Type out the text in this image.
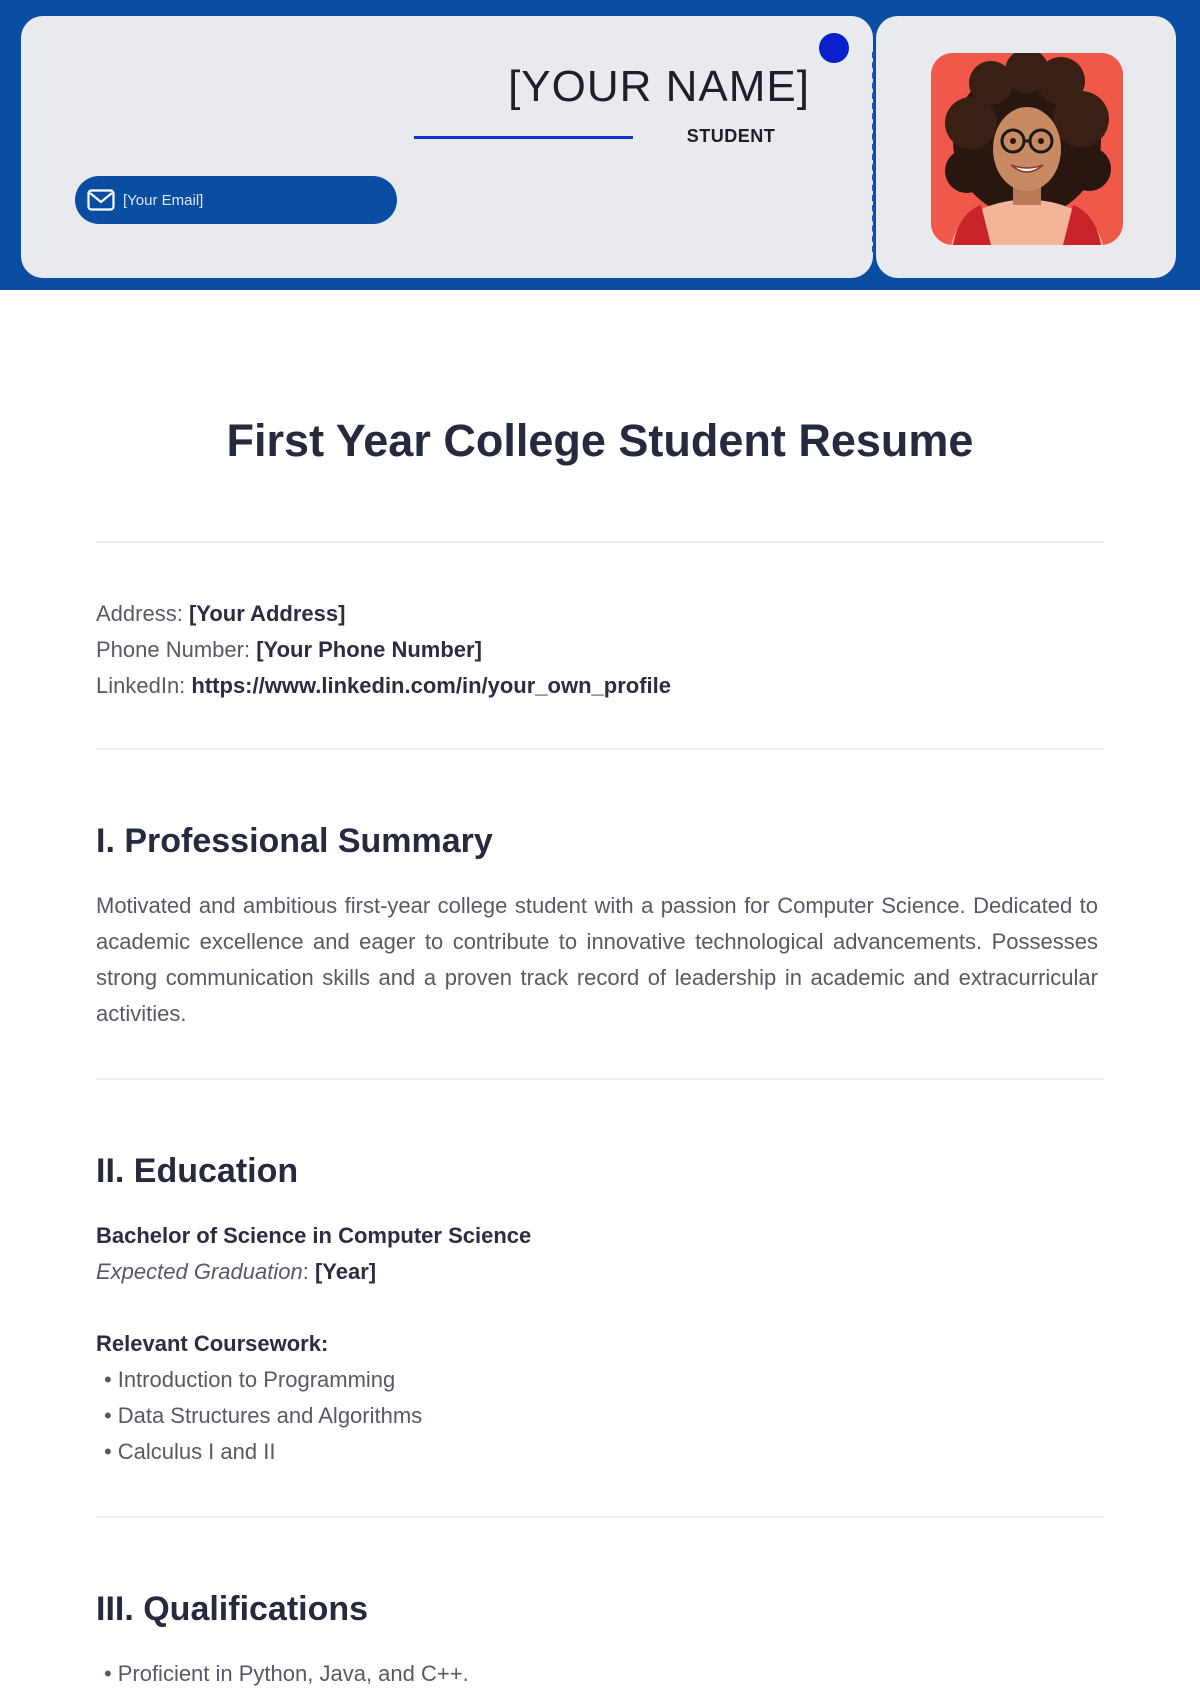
[YOUR NAME]
STUDENT
[Your Email]
First Year College Student Resume
Address: [Your Address]
Phone Number: [Your Phone Number]
LinkedIn: https://www.linkedin.com/in/your_own_profile
I. Professional Summary
Motivated and ambitious first-year college student with a passion for Computer Science. Dedicated to academic excellence and eager to contribute to innovative technological advancements. Possesses strong communication skills and a proven track record of leadership in academic and extracurricular activities.
II. Education
Bachelor of Science in Computer Science
Expected Graduation: [Year]
Relevant Coursework:
• Introduction to Programming
• Data Structures and Algorithms
• Calculus I and II
III. Qualifications
• Proficient in Python, Java, and C++.
